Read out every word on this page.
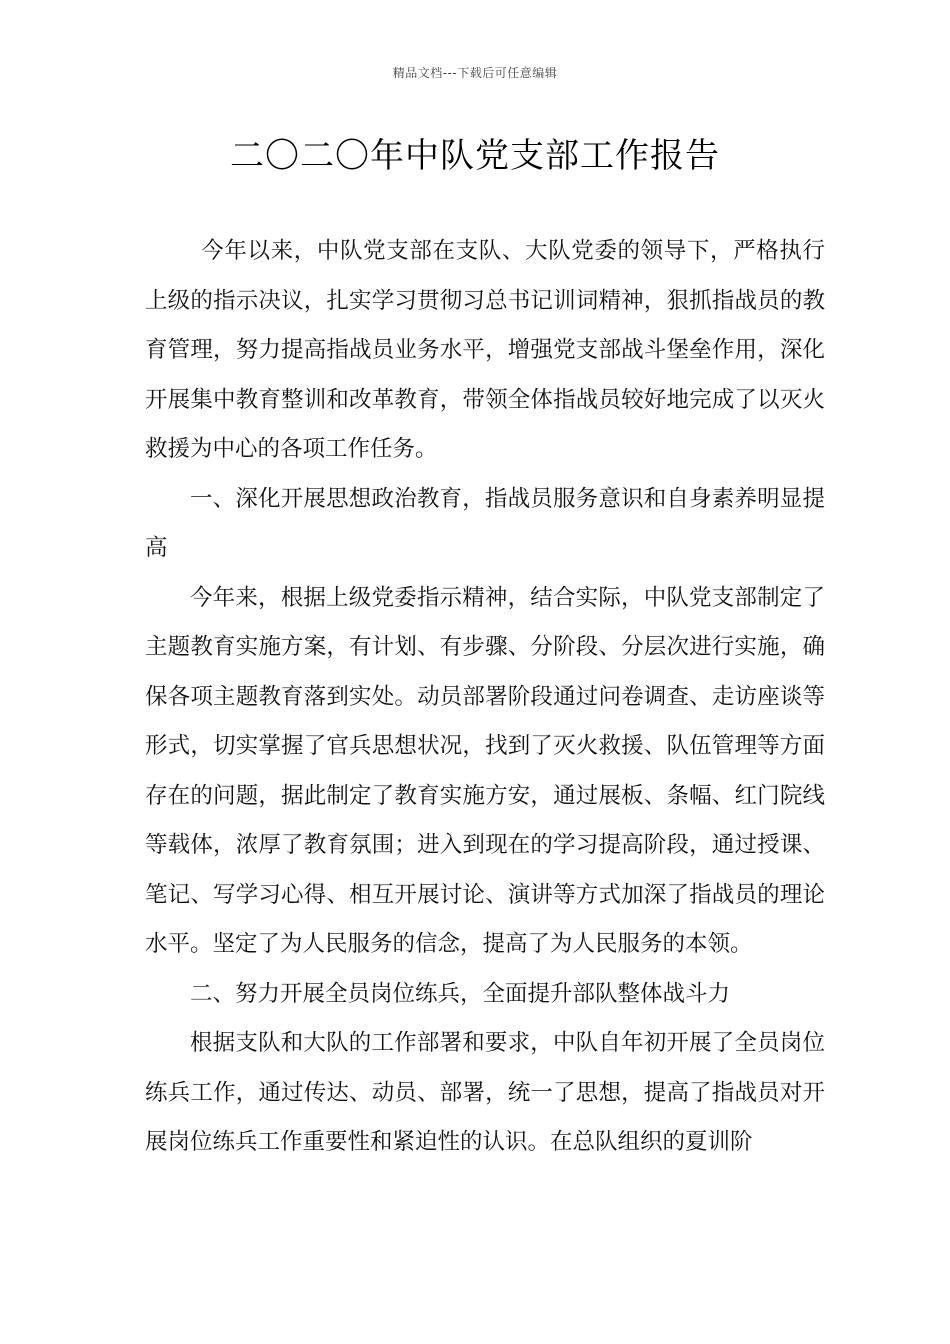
精品文档---下载后可任意编辑
二〇二〇年中队党支部工作报告

今年以来，中队党支部在支队、大队党委的领导下，严格执行上级的指示决议，扎实学习贯彻习总书记训词精神，狠抓指战员的教育管理，努力提高指战员业务水平，增强党支部战斗堡垒作用，深化开展集中教育整训和改革教育，带领全体指战员较好地完成了以灭火救援为中心的各项工作任务。

一、深化开展思想政治教育，指战员服务意识和自身素养明显提高

今年来，根据上级党委指示精神，结合实际，中队党支部制定了主题教育实施方案，有计划、有步骤、分阶段、分层次进行实施，确保各项主题教育落到实处。动员部署阶段通过问卷调查、走访座谈等形式，切实掌握了官兵思想状况，找到了灭火救援、队伍管理等方面存在的问题，据此制定了教育实施方安，通过展板、条幅、红门院线等载体，浓厚了教育氛围；进入到现在的学习提高阶段，通过授课、笔记、写学习心得、相互开展讨论、演讲等方式加深了指战员的理论水平。坚定了为人民服务的信念，提高了为人民服务的本领。

二、努力开展全员岗位练兵，全面提升部队整体战斗力

根据支队和大队的工作部署和要求，中队自年初开展了全员岗位练兵工作，通过传达、动员、部署，统一了思想，提高了指战员对开展岗位练兵工作重要性和紧迫性的认识。在总队组织的夏训阶
